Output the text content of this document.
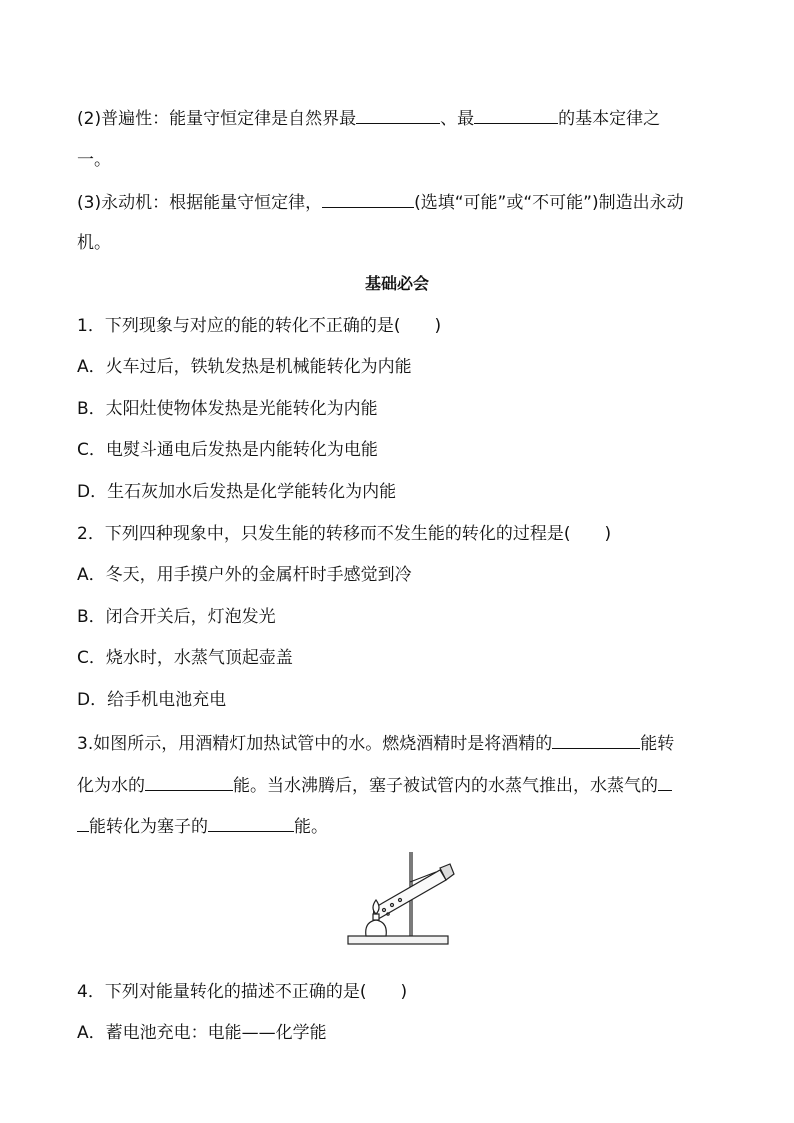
(2)普遍性：能量守恒定律是自然界最	、最	的基本定律之
一。
(3)永动机：根据能量守恒定律，	(选填“可能”或“不可能”)制造出永动
机。
基础必会
1．下列现象与对应的能的转化不正确的是(　　)
A．火车过后，铁轨发热是机械能转化为内能
B．太阳灶使物体发热是光能转化为内能
C．电熨斗通电后发热是内能转化为电能
D．生石灰加水后发热是化学能转化为内能
2．下列四种现象中，只发生能的转移而不发生能的转化的过程是(　　)
A．冬天，用手摸户外的金属杆时手感觉到冷
B．闭合开关后，灯泡发光
C．烧水时，水蒸气顶起壶盖
D．给手机电池充电
3.如图所示，用酒精灯加热试管中的水。燃烧酒精时是将酒精的	能转
化为水的	能。当水沸腾后，塞子被试管内的水蒸气推出，水蒸气的
能转化为塞子的	能。
4．下列对能量转化的描述不正确的是(　　)
A．蓄电池充电：电能——化学能
